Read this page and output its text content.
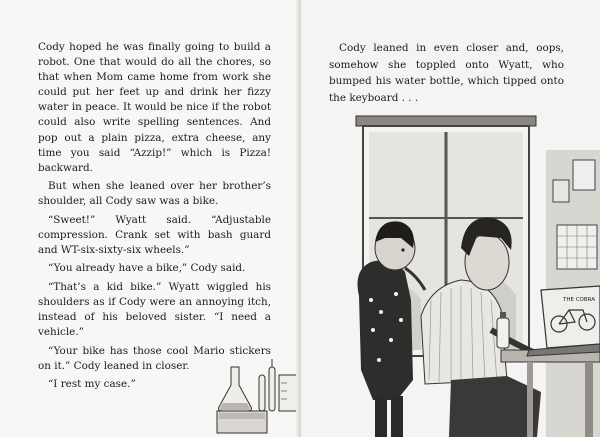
Cody hoped he was finally going to build a robot. One that would do all the chores, so that when Mom came home from work she could put her feet up and drink her fizzy water in peace. It would be nice if the robot could also write spelling sentences. And pop out a plain pizza, extra cheese, any time you said “Azzip!” which is Pizza! backward.

But when she leaned over her brother’s shoulder, all Cody saw was a bike.

“Sweet!” Wyatt said. “Adjustable compression. Crank set with bash guard and WT-six-sixty-six wheels.”

“You already have a bike,” Cody said.

“That’s a kid bike.” Wyatt wiggled his shoulders as if Cody were an annoying itch, instead of his beloved sister. “I need a vehicle.”

“Your bike has those cool Mario stickers on it.” Cody leaned in closer.

“I rest my case.”

THE COBRA

Cody leaned in even closer and, oops, somehow she toppled onto Wyatt, who bumped his water bottle, which tipped onto the keyboard . . .
